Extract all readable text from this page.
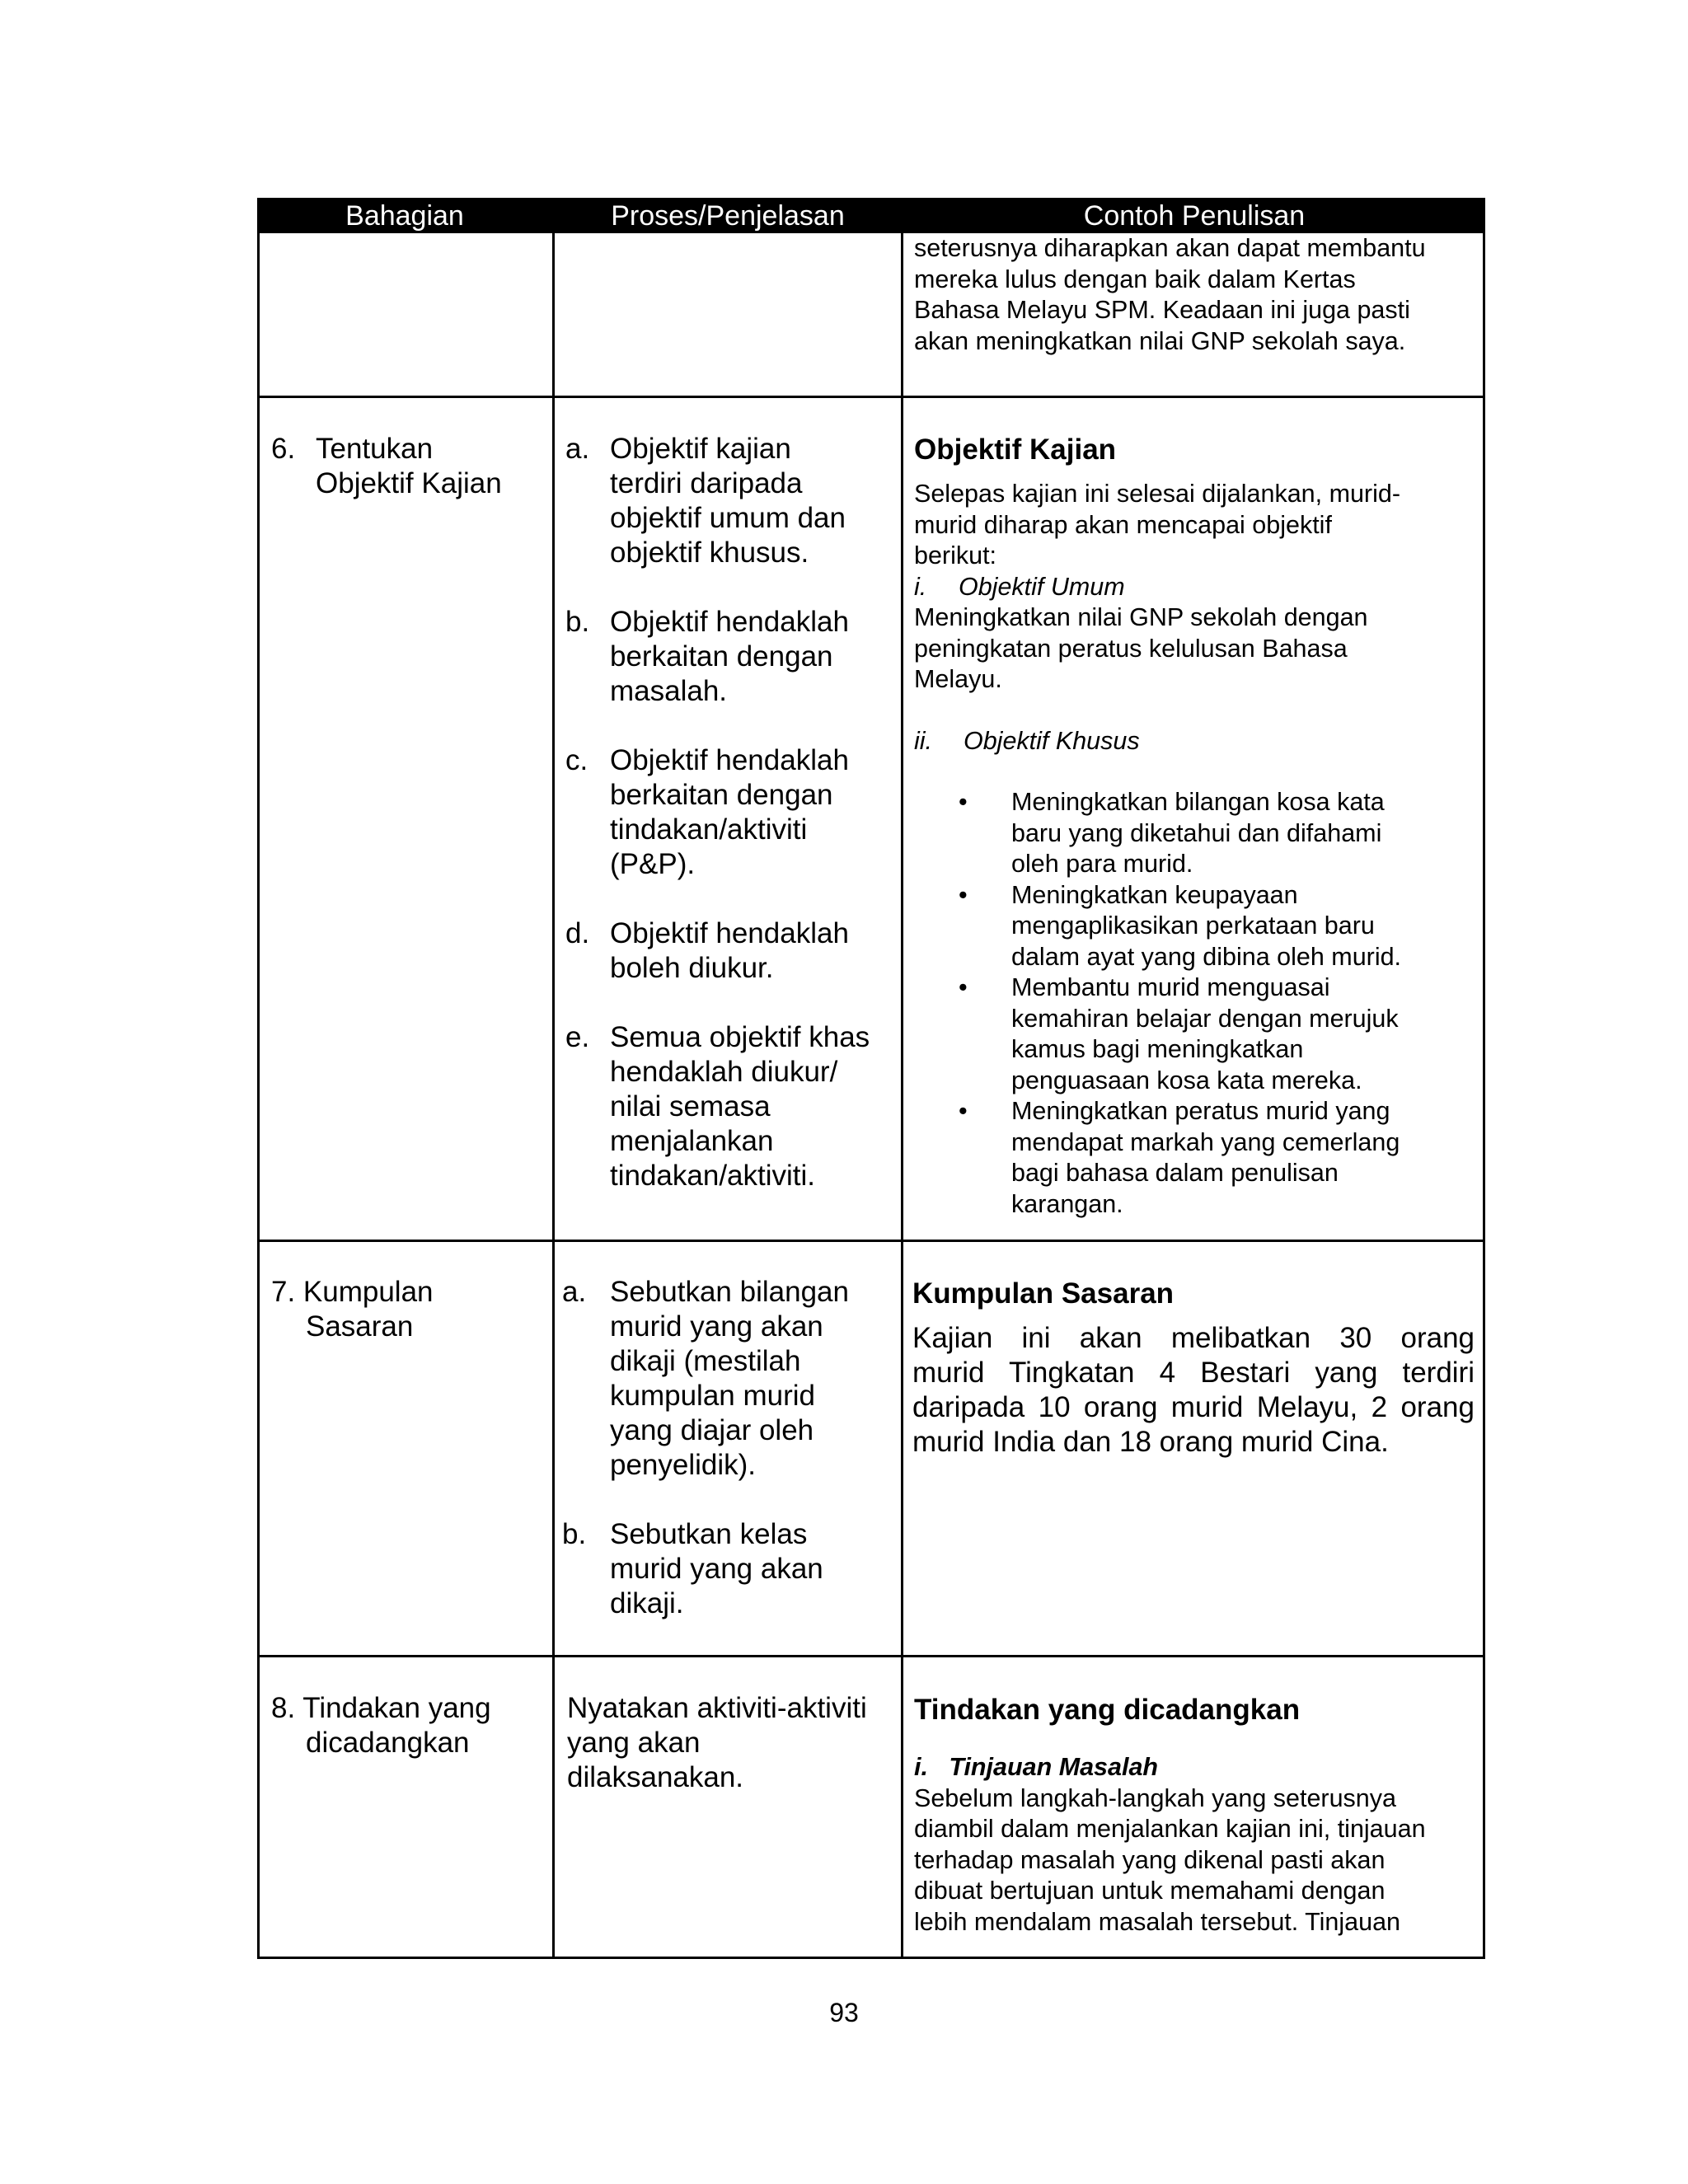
Bahagian	Proses/Penjelasan	Contoh Penulisan
seterusnya diharapkan akan dapat membantu
mereka lulus dengan baik dalam Kertas
Bahasa Melayu SPM. Keadaan ini juga pasti
akan meningkatkan nilai GNP sekolah saya.
6. Tentukan
Objektif Kajian
a. Objektif kajian
terdiri daripada
objektif umum dan
objektif khusus.
b. Objektif hendaklah
berkaitan dengan
masalah.
c. Objektif hendaklah
berkaitan dengan
tindakan/aktiviti
(P&P).
d. Objektif hendaklah
boleh diukur.
e. Semua objektif khas
hendaklah diukur/
nilai semasa
menjalankan
tindakan/aktiviti.
Objektif Kajian
Selepas kajian ini selesai dijalankan, murid-
murid diharap akan mencapai objektif
berikut:
i. Objektif Umum
Meningkatkan nilai GNP sekolah dengan
peningkatan peratus kelulusan Bahasa
Melayu.
ii. Objektif Khusus
• Meningkatkan bilangan kosa kata
baru yang diketahui dan difahami
oleh para murid.
• Meningkatkan keupayaan
mengaplikasikan perkataan baru
dalam ayat yang dibina oleh murid.
• Membantu murid menguasai
kemahiran belajar dengan merujuk
kamus bagi meningkatkan
penguasaan kosa kata mereka.
• Meningkatkan peratus murid yang
mendapat markah yang cemerlang
bagi bahasa dalam penulisan
karangan.
7. Kumpulan
Sasaran
a. Sebutkan bilangan
murid yang akan
dikaji (mestilah
kumpulan murid
yang diajar oleh
penyelidik).
b. Sebutkan kelas
murid yang akan
dikaji.
Kumpulan Sasaran
Kajian ini akan melibatkan 30 orang
murid Tingkatan 4 Bestari yang terdiri
daripada 10 orang murid Melayu, 2 orang
murid India dan 18 orang murid Cina.
8. Tindakan yang
dicadangkan
Nyatakan aktiviti-aktiviti
yang akan
dilaksanakan.
Tindakan yang dicadangkan
i.   Tinjauan Masalah
Sebelum langkah-langkah yang seterusnya
diambil dalam menjalankan kajian ini, tinjauan
terhadap masalah yang dikenal pasti akan
dibuat bertujuan untuk memahami dengan
lebih mendalam masalah tersebut. Tinjauan
93
